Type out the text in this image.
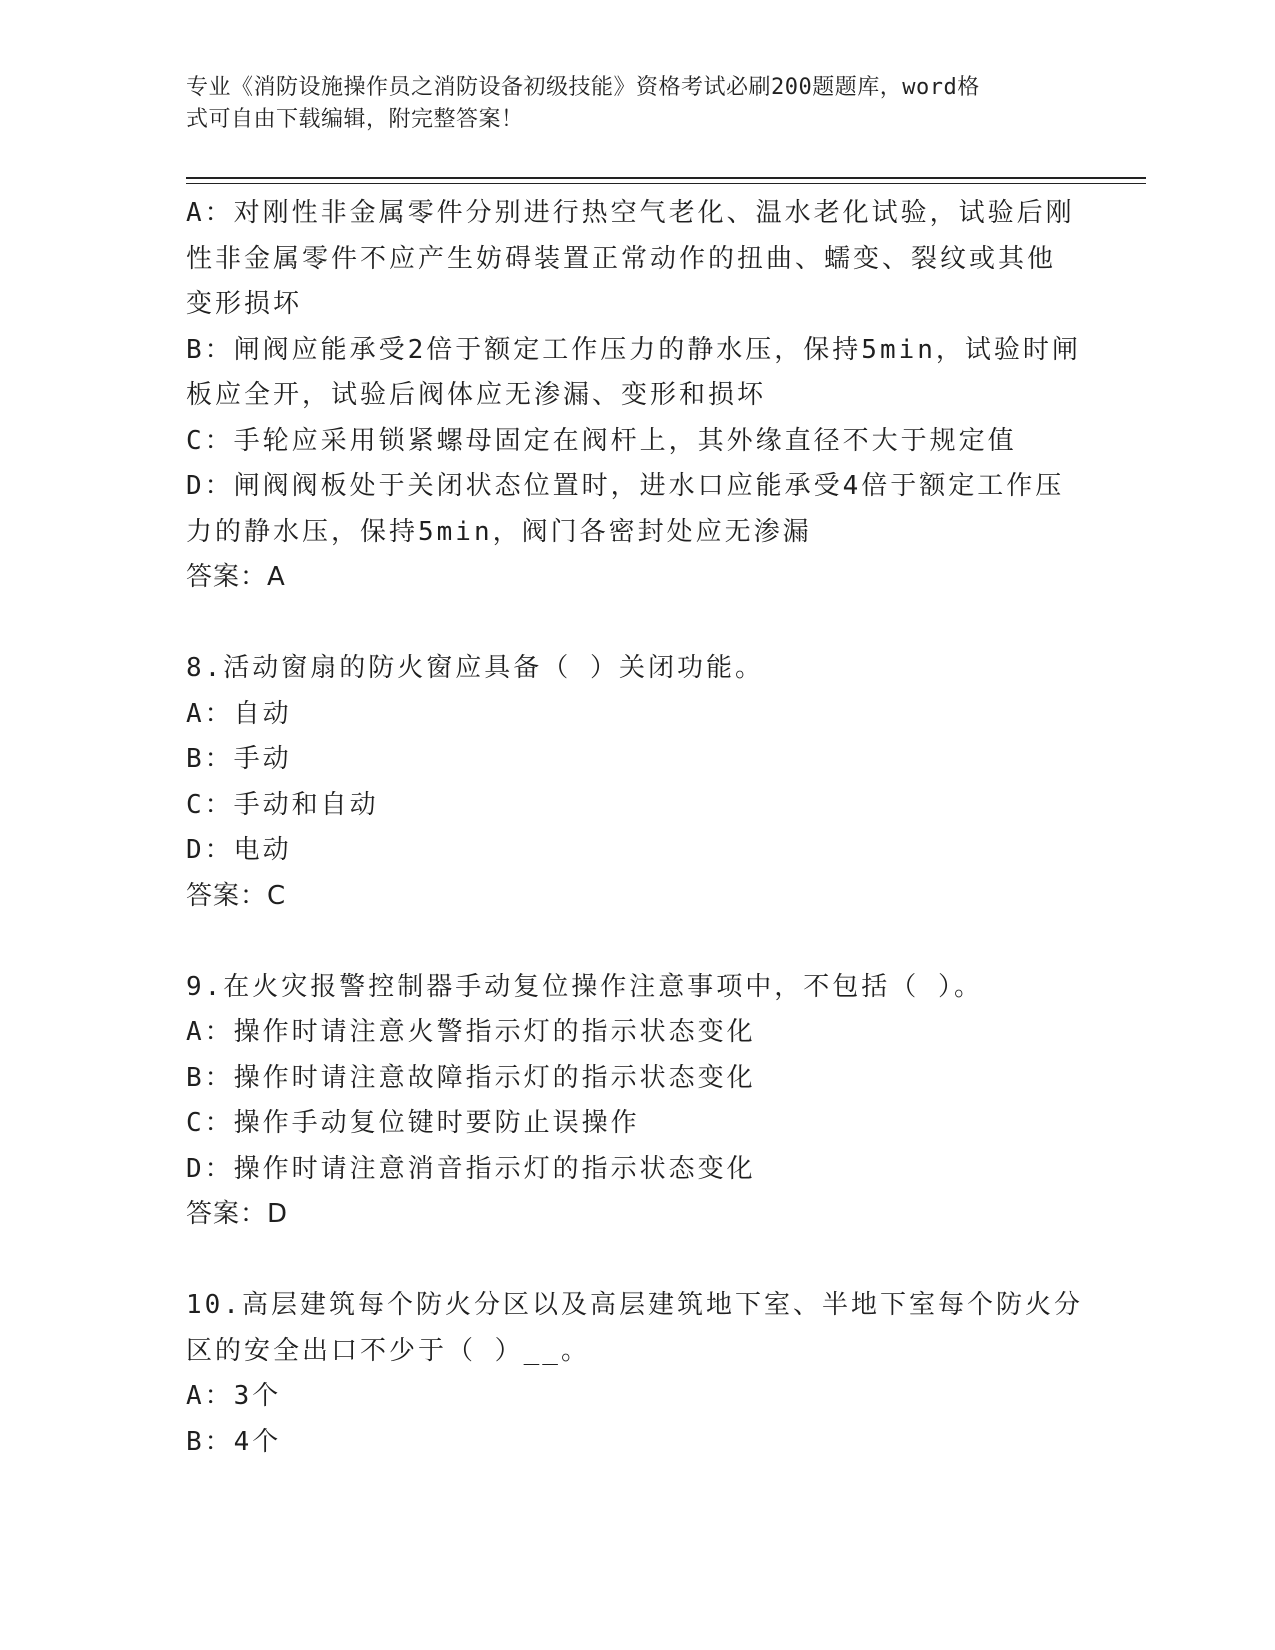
专业《消防设施操作员之消防设备初级技能》资格考试必刷200题题库，word格
式可自由下载编辑，附完整答案！
A：对刚性非金属零件分别进行热空气老化、温水老化试验，试验后刚
性非金属零件不应产生妨碍装置正常动作的扭曲、蠕变、裂纹或其他
变形损坏
B：闸阀应能承受2倍于额定工作压力的静水压，保持5min，试验时闸
板应全开，试验后阀体应无渗漏、变形和损坏
C：手轮应采用锁紧螺母固定在阀杆上，其外缘直径不大于规定值
D：闸阀阀板处于关闭状态位置时，进水口应能承受4倍于额定工作压
力的静水压，保持5min，阀门各密封处应无渗漏
答案：A
8.活动窗扇的防火窗应具备（ ）关闭功能。
A：自动
B：手动
C：手动和自动
D：电动
答案：C
9.在火灾报警控制器手动复位操作注意事项中，不包括（ ）。
A：操作时请注意火警指示灯的指示状态变化
B：操作时请注意故障指示灯的指示状态变化
C：操作手动复位键时要防止误操作
D：操作时请注意消音指示灯的指示状态变化
答案：D
10.高层建筑每个防火分区以及高层建筑地下室、半地下室每个防火分
区的安全出口不少于（ ）__。
A：3个
B：4个
